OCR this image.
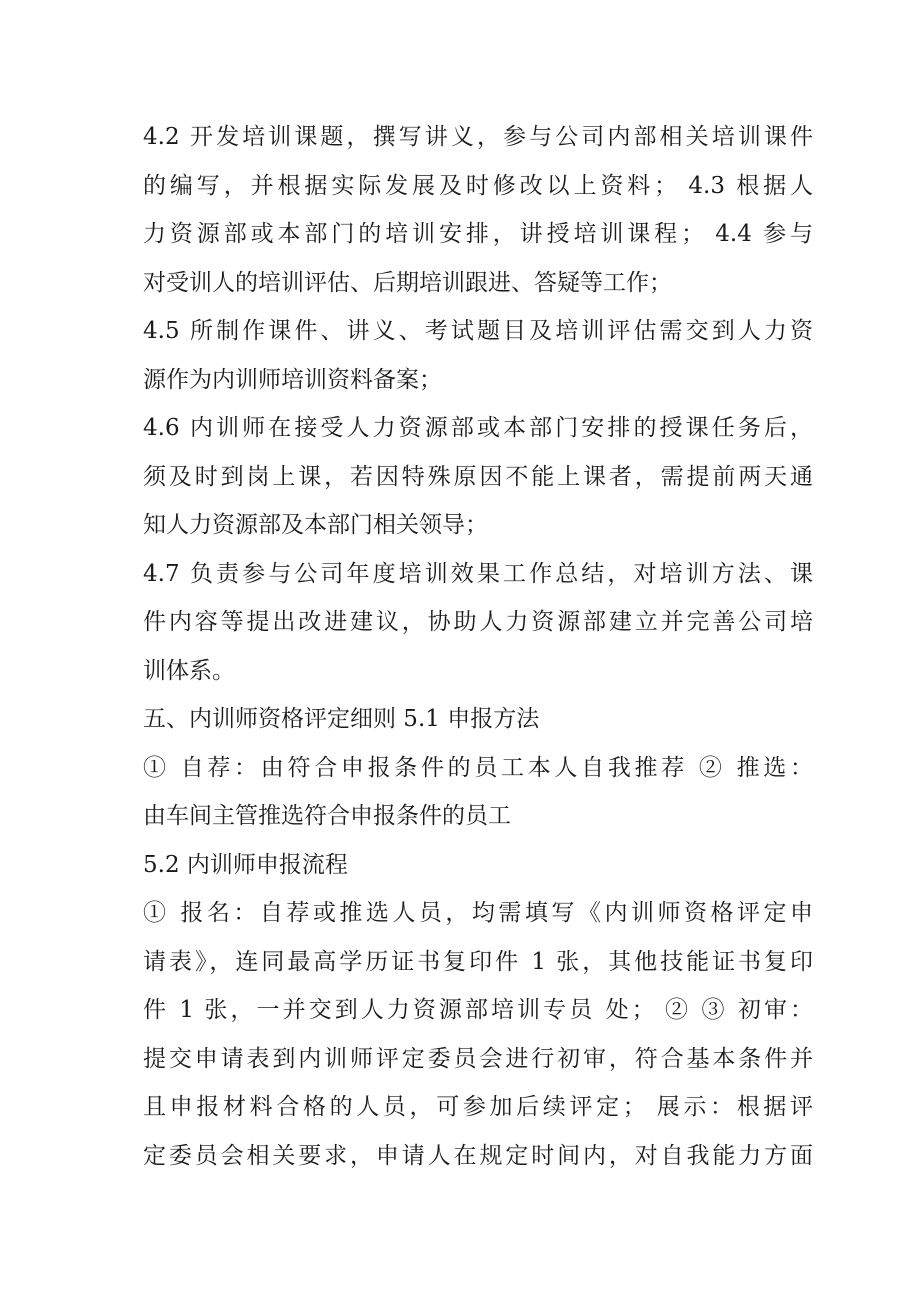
4.2 开发培训课题，撰写讲义，参与公司内部相关培训课件
的编写，并根据实际发展及时修改以上资料； 4.3 根据人
力资源部或本部门的培训安排，讲授培训课程； 4.4 参与
对受训人的培训评估、后期培训跟进、答疑等工作；
4.5 所制作课件、讲义、考试题目及培训评估需交到人力资
源作为内训师培训资料备案；
4.6 内训师在接受人力资源部或本部门安排的授课任务后，
须及时到岗上课，若因特殊原因不能上课者，需提前两天通
知人力资源部及本部门相关领导；
4.7 负责参与公司年度培训效果工作总结，对培训方法、课
件内容等提出改进建议，协助人力资源部建立并完善公司培
训体系。
五、内训师资格评定细则 5.1 申报方法
① 自荐：由符合申报条件的员工本人自我推荐 ② 推选：
由车间主管推选符合申报条件的员工
5.2 内训师申报流程
① 报名：自荐或推选人员，均需填写《内训师资格评定申
请表》，连同最高学历证书复印件 1 张，其他技能证书复印
件 1 张，一并交到人力资源部培训专员 处； ② ③ 初审：
提交申请表到内训师评定委员会进行初审，符合基本条件并
且申报材料合格的人员，可参加后续评定； 展示：根据评
定委员会相关要求，申请人在规定时间内，对自我能力方面
